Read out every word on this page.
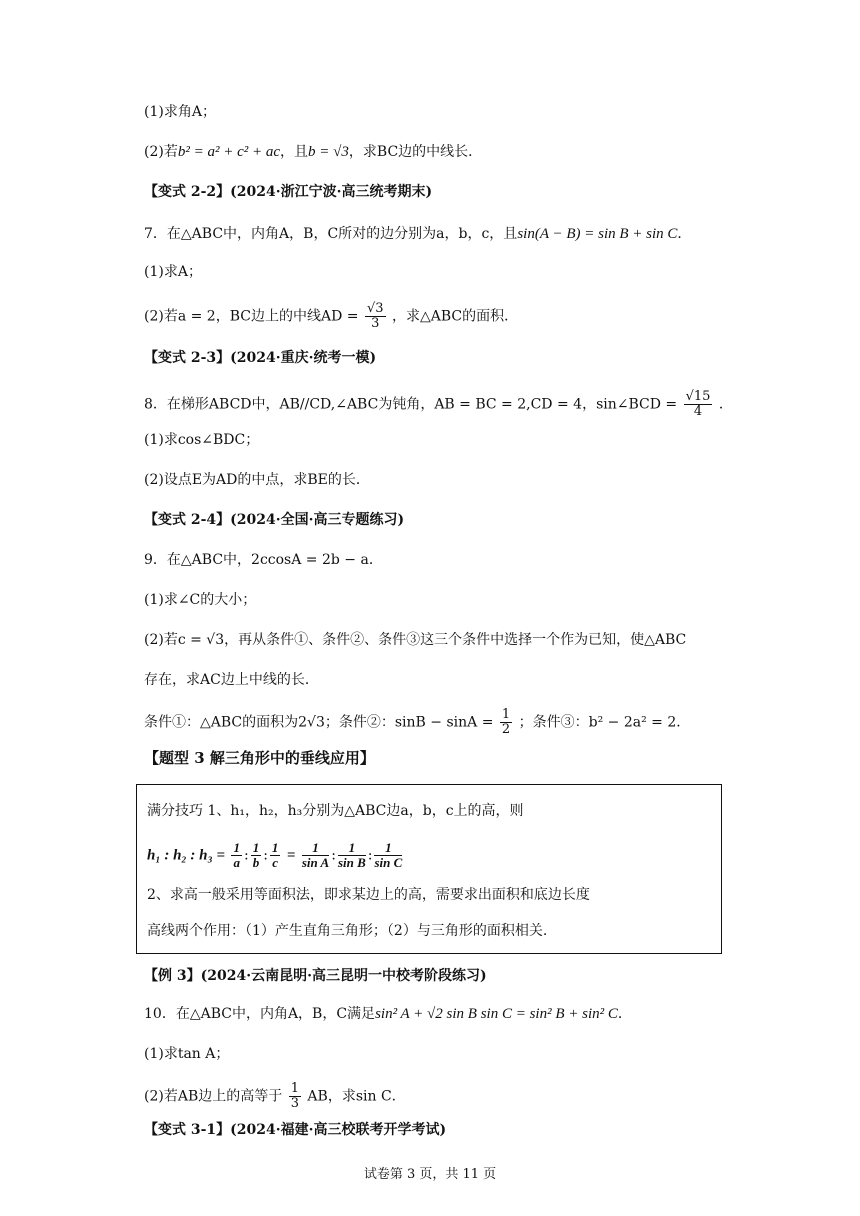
(1)求角A；
(2)若b² = a² + c² + ac，且b = √3，求BC边的中线长．
【变式 2-2】(2024·浙江宁波·高三统考期末)
7．在△ABC中，内角A，B，C所对的边分别为a，b，c，且sin(A − B) = sin B + sin C．
(1)求A；
(2)若a = 2，BC边上的中线AD = $\frac{√3}{3}$ ，求△ABC的面积．
【变式 2-3】(2024·重庆·统考一模)
8．在梯形ABCD中，AB//CD,∠ABC为钝角，AB = BC = 2,CD = 4，sin∠BCD = $\frac{√15}{4}$ ．
(1)求cos∠BDC；
(2)设点E为AD的中点，求BE的长．
【变式 2-4】(2024·全国·高三专题练习)
9．在△ABC中，2ccosA = 2b − a．
(1)求∠C的大小；
(2)若c = √3，再从条件①、条件②、条件③这三个条件中选择一个作为已知，使△ABC
存在，求AC边上中线的长．
条件①：△ABC的面积为2√3；条件②：$\sin B - \sin A = \frac{1}{2}$ ；条件③：b² − 2a² = 2．
【题型 3 解三角形中的垂线应用】
满分技巧 1、h₁，h₂，h₃分别为△ABC边a，b，c上的高，则
h₁ : h₂ : $h_3 = \frac{1}{a}$ : $\frac{1}{b}$ : $\frac{1}{c} = \frac{1}{\text{sin A}}$ : $\frac{1}{\text{sin B}}$ : $\frac{1}{\text{sin C}}$
2、求高一般采用等面积法，即求某边上的高，需要求出面积和底边长度
高线两个作用：（1）产生直角三角形；（2）与三角形的面积相关.
【例 3】(2024·云南昆明·高三昆明一中校考阶段练习)
10．在△ABC中，内角A，B，C满足sin² A + √2 sin B sin C = sin² B + sin² C．
(1)求tan A；
(2)若AB边上的高等于 $\frac{1}{3}$ AB，求sin C．
【变式 3-1】(2024·福建·高三校联考开学考试)
试卷第 3 页，共 11 页
